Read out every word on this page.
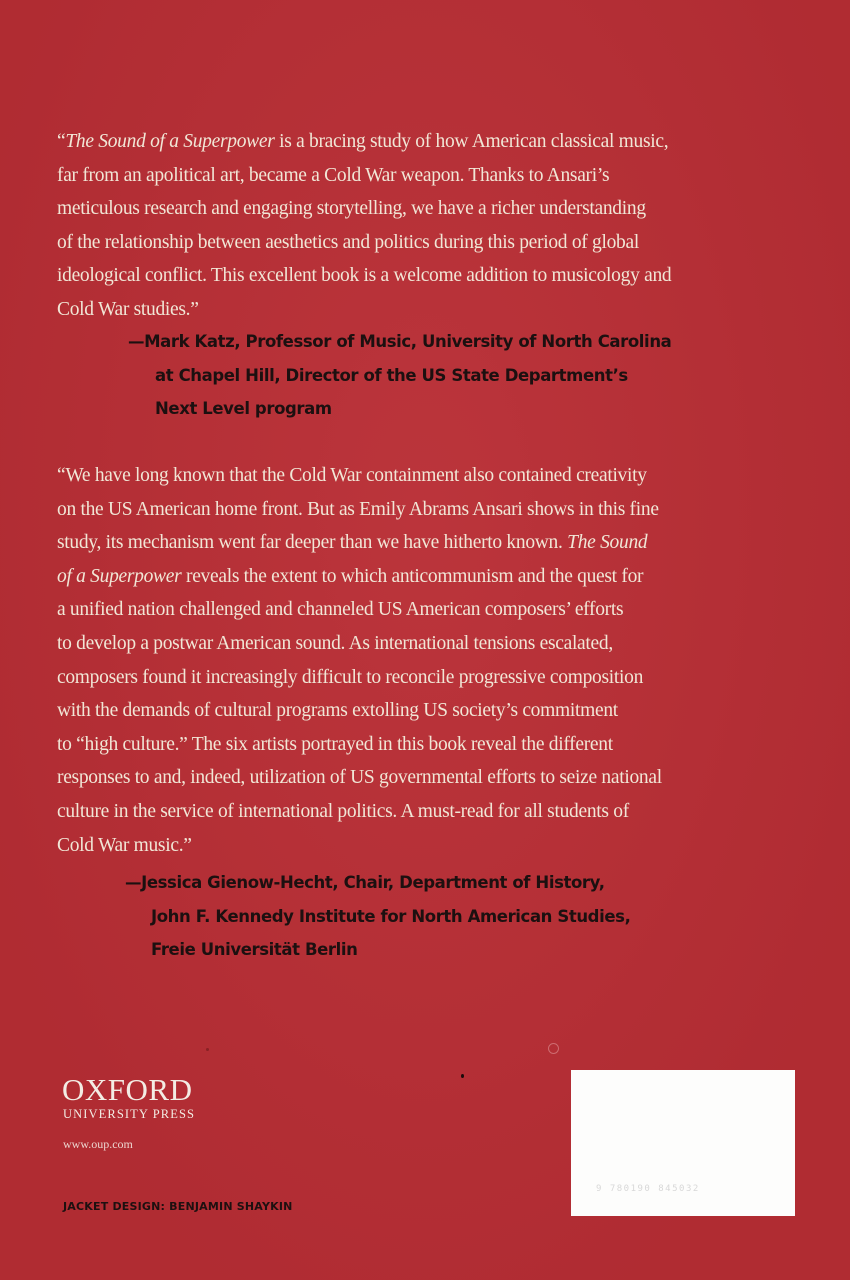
“The Sound of a Superpower is a bracing study of how American classical music,
far from an apolitical art, became a Cold War weapon. Thanks to Ansari’s
meticulous research and engaging storytelling, we have a richer understanding
of the relationship between aesthetics and politics during this period of global
ideological conflict. This excellent book is a welcome addition to musicology and
Cold War studies.”
—Mark Katz, Professor of Music, University of North Carolina
at Chapel Hill, Director of the US State Department’s
Next Level program
“We have long known that the Cold War containment also contained creativity
on the US American home front. But as Emily Abrams Ansari shows in this fine
study, its mechanism went far deeper than we have hitherto known. The Sound
of a Superpower reveals the extent to which anticommunism and the quest for
a unified nation challenged and channeled US American composers’ efforts
to develop a postwar American sound. As international tensions escalated,
composers found it increasingly difficult to reconcile progressive composition
with the demands of cultural programs extolling US society’s commitment
to “high culture.” The six artists portrayed in this book reveal the different
responses to and, indeed, utilization of US governmental efforts to seize national
culture in the service of international politics. A must-read for all students of
Cold War music.”
—Jessica Gienow-Hecht, Chair, Department of History,
John F. Kennedy Institute for North American Studies,
Freie Universität Berlin
OXFORD
UNIVERSITY PRESS
www.oup.com
JACKET DESIGN: BENJAMIN SHAYKIN
9 780190 845032
